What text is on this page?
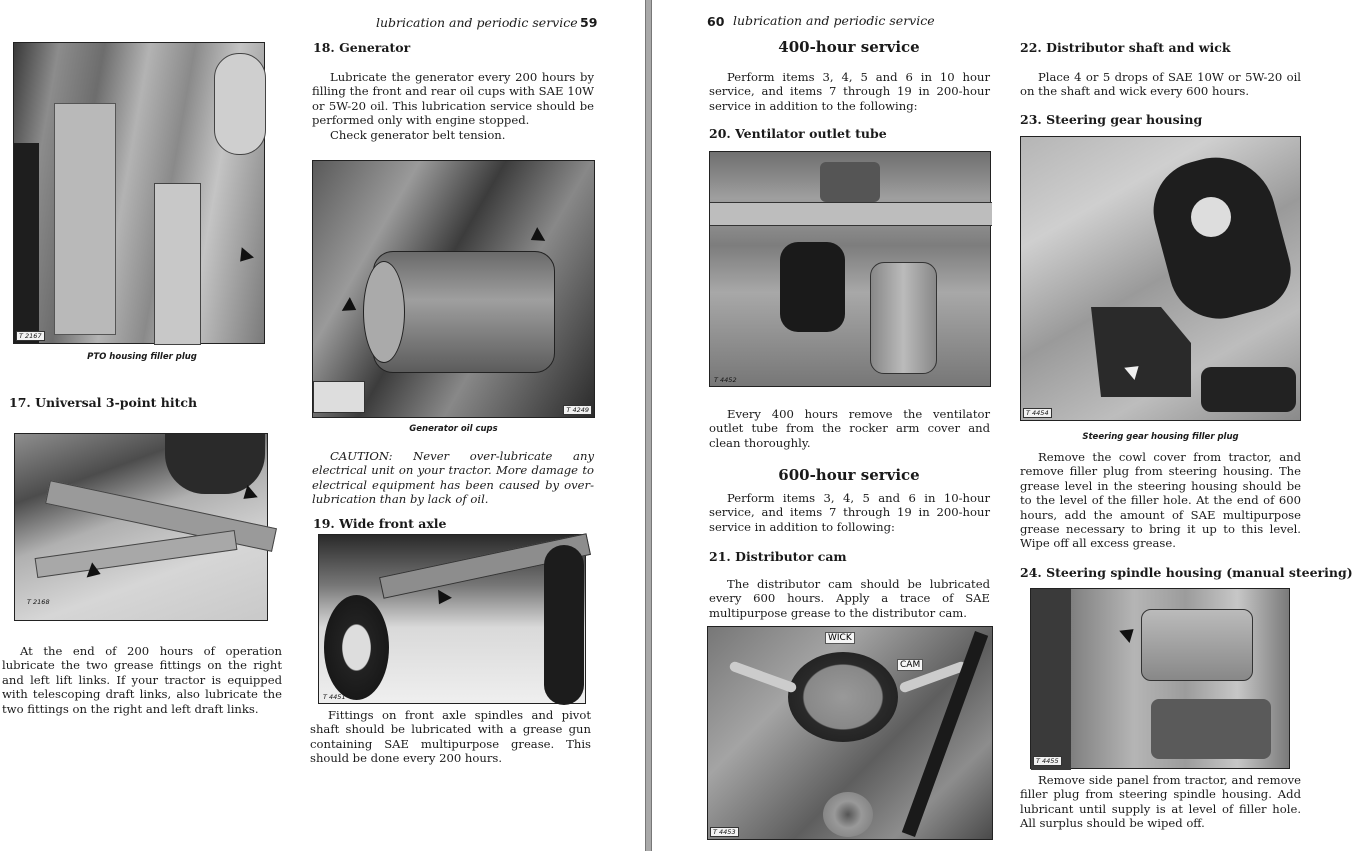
lubrication and periodic service 59
T 2167
PTO housing filler plug
17. Universal 3-point hitch
T 2168

At the end of 200 hours of operation lubricate the two grease fittings on the right and left lift links. If your tractor is equipped with telescoping draft links, also lubricate the two fittings on the right and left draft links.

18. Generator

Lubricate the generator every 200 hours by filling the front and rear oil cups with SAE 10W or 5W-20 oil. This lubrication service should be performed only with engine stopped.

Check generator belt tension.

T 4249
Generator oil cups

CAUTION: Never over-lubricate any electrical unit on your tractor. More damage to electrical equipment has been caused by over-lubrication than by lack of oil.

19. Wide front axle
T 4451

Fittings on front axle spindles and pivot shaft should be lubricated with a grease gun containing SAE multipurpose grease. This should be done every 200 hours.

60 lubrication and periodic service
400-hour service

Perform items 3, 4, 5 and 6 in 10 hour service, and items 7 through 19 in 200-hour service in addition to the following:

20. Ventilator outlet tube
T 4452

Every 400 hours remove the ventilator outlet tube from the rocker arm cover and clean thoroughly.

600-hour service

Perform items 3, 4, 5 and 6 in 10-hour service, and items 7 through 19 in 200-hour service in addition to following:

21. Distributor cam

The distributor cam should be lubricated every 600 hours. Apply a trace of SAE multipurpose grease to the distributor cam.

WICK
CAM
T 4453
22. Distributor shaft and wick

Place 4 or 5 drops of SAE 10W or 5W-20 oil on the shaft and wick every 600 hours.

23. Steering gear housing
T 4454
Steering gear housing filler plug

Remove the cowl cover from tractor, and remove filler plug from steering housing. The grease level in the steering housing should be to the level of the filler hole. At the end of 600 hours, add the amount of SAE multipurpose grease necessary to bring it up to this level. Wipe off all excess grease.

24. Steering spindle housing (manual steering)
T 4455

Remove side panel from tractor, and remove filler plug from steering spindle housing. Add lubricant until supply is at level of filler hole. All surplus should be wiped off.
